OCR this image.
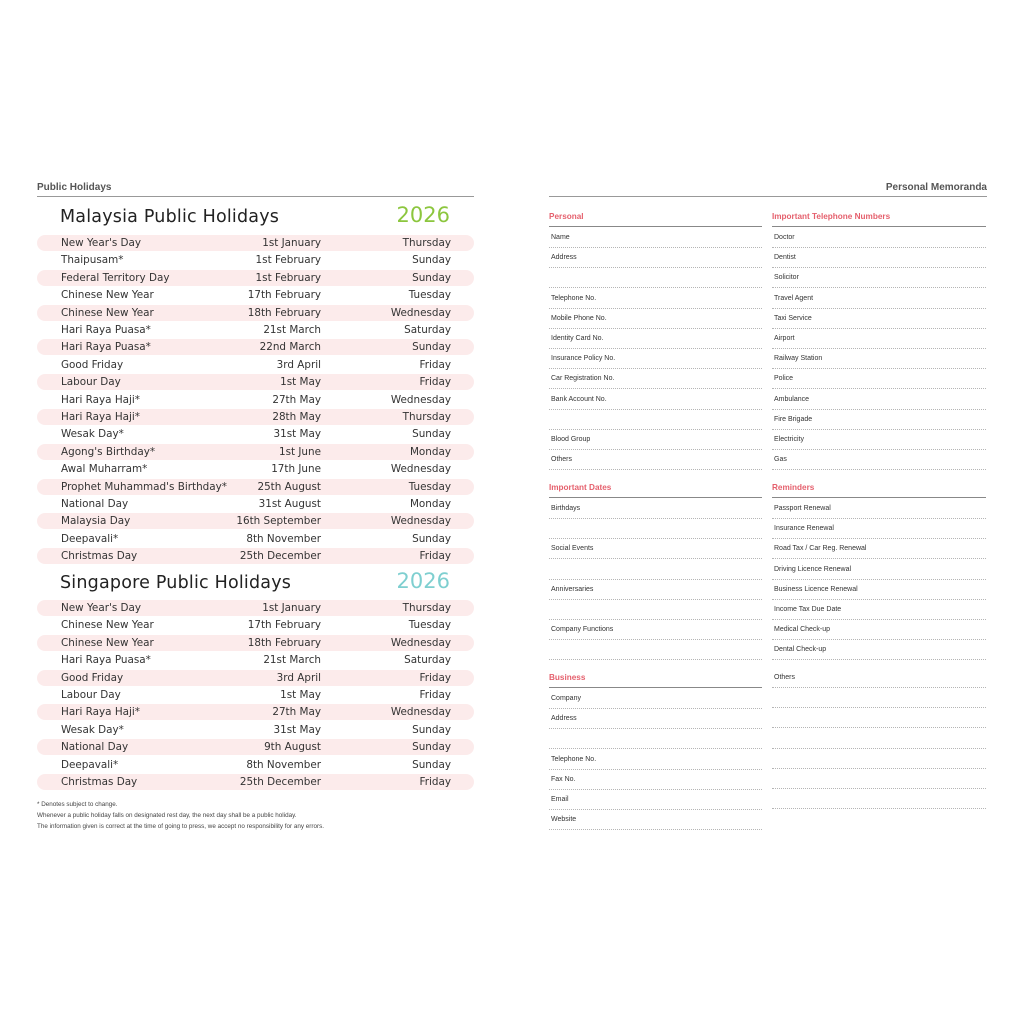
Public Holidays	Personal Memoranda
Malaysia Public Holidays	2026
New Year's Day	1st January	Thursday
Thaipusam*	1st February	Sunday
Federal Territory Day	1st February	Sunday
Chinese New Year	17th February	Tuesday
Chinese New Year	18th February	Wednesday
Hari Raya Puasa*	21st March	Saturday
Hari Raya Puasa*	22nd March	Sunday
Good Friday	3rd April	Friday
Labour Day	1st May	Friday
Hari Raya Haji*	27th May	Wednesday
Hari Raya Haji*	28th May	Thursday
Wesak Day*	31st May	Sunday
Agong's Birthday*	1st June	Monday
Awal Muharram*	17th June	Wednesday
Prophet Muhammad's Birthday*	25th August	Tuesday
National Day	31st August	Monday
Malaysia Day	16th September	Wednesday
Deepavali*	8th November	Sunday
Christmas Day	25th December	Friday
Singapore Public Holidays	2026
New Year's Day	1st January	Thursday
Chinese New Year	17th February	Tuesday
Chinese New Year	18th February	Wednesday
Hari Raya Puasa*	21st March	Saturday
Good Friday	3rd April	Friday
Labour Day	1st May	Friday
Hari Raya Haji*	27th May	Wednesday
Wesak Day*	31st May	Sunday
National Day	9th August	Sunday
Deepavali*	8th November	Sunday
Christmas Day	25th December	Friday
* Denotes subject to change.
Whenever a public holiday falls on designated rest day, the next day shall be a public holiday.
The information given is correct at the time of going to press, we accept no responsibility for any errors.
Personal
Name
Address
Telephone No.
Mobile Phone No.
Identity Card No.
Insurance Policy No.
Car Registration No.
Bank Account No.
Blood Group
Others
Important Dates
Birthdays
Social Events
Anniversaries
Company Functions
Business
Company
Address
Telephone No.
Fax No.
Email
Website
Important Telephone Numbers
Doctor
Dentist
Solicitor
Travel Agent
Taxi Service
Airport
Railway Station
Police
Ambulance
Fire Brigade
Electricity
Gas
Reminders
Passport Renewal
Insurance Renewal
Road Tax / Car Reg. Renewal
Driving Licence Renewal
Business Licence Renewal
Income Tax Due Date
Medical Check-up
Dental Check-up
Others
